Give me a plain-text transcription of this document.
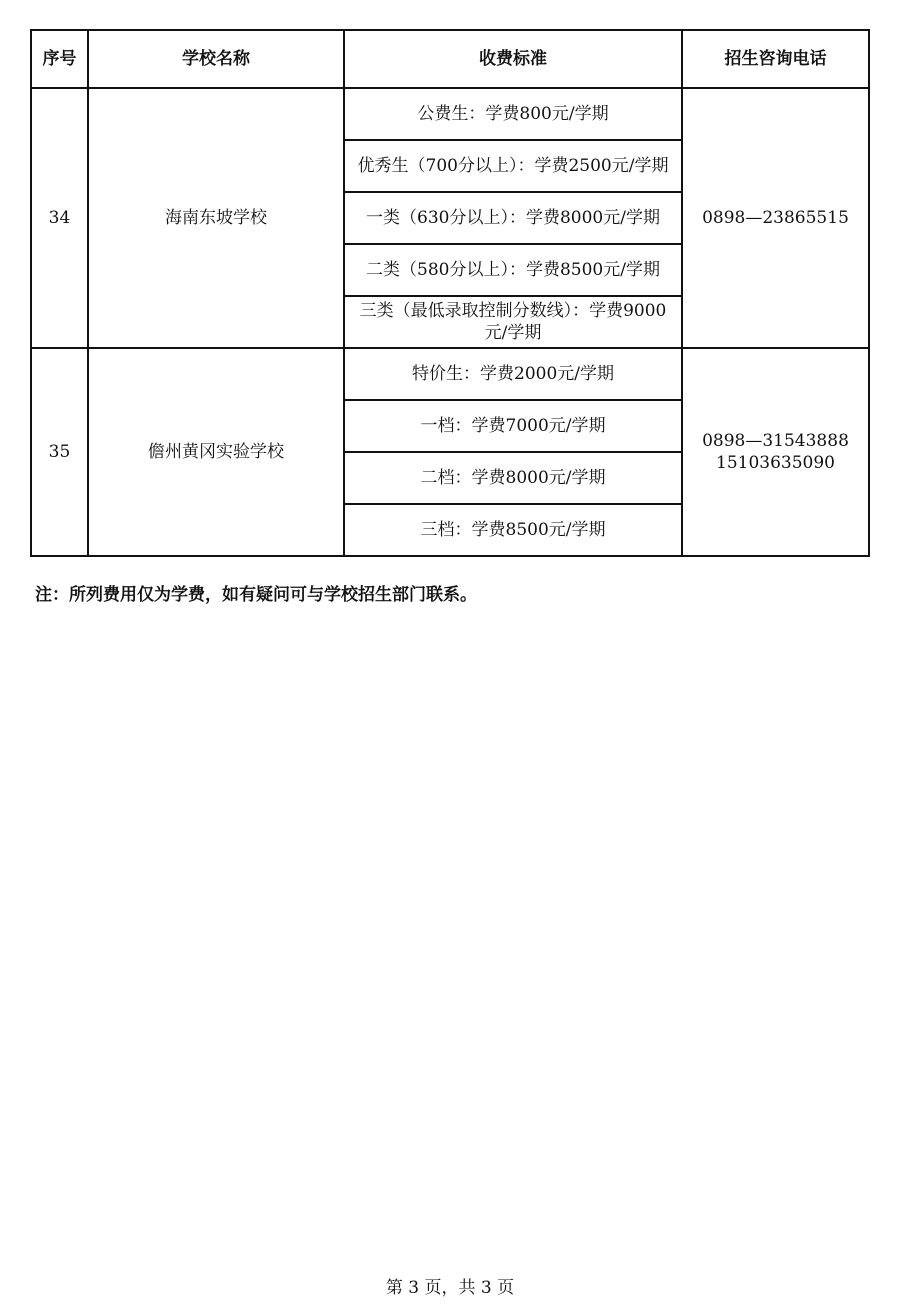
序号	学校名称	收费标准	招生咨询电话
34	海南东坡学校	公费生：学费800元/学期	0898—23865515

		优秀生（700分以上）：学费2500元/学期	
		一类（630分以上）：学费8000元/学期	
		二类（580分以上）：学费8500元/学期	
		三类（最低录取控制分数线）：学费9000元/学期	
35	儋州黄冈实验学校	特价生：学费2000元/学期	0898—31543888
15103635090

		一档：学费7000元/学期	
		二档：学费8000元/学期	
		三档：学费8500元/学期	
注：所列费用仅为学费，如有疑问可与学校招生部门联系。
第 3 页，共 3 页
